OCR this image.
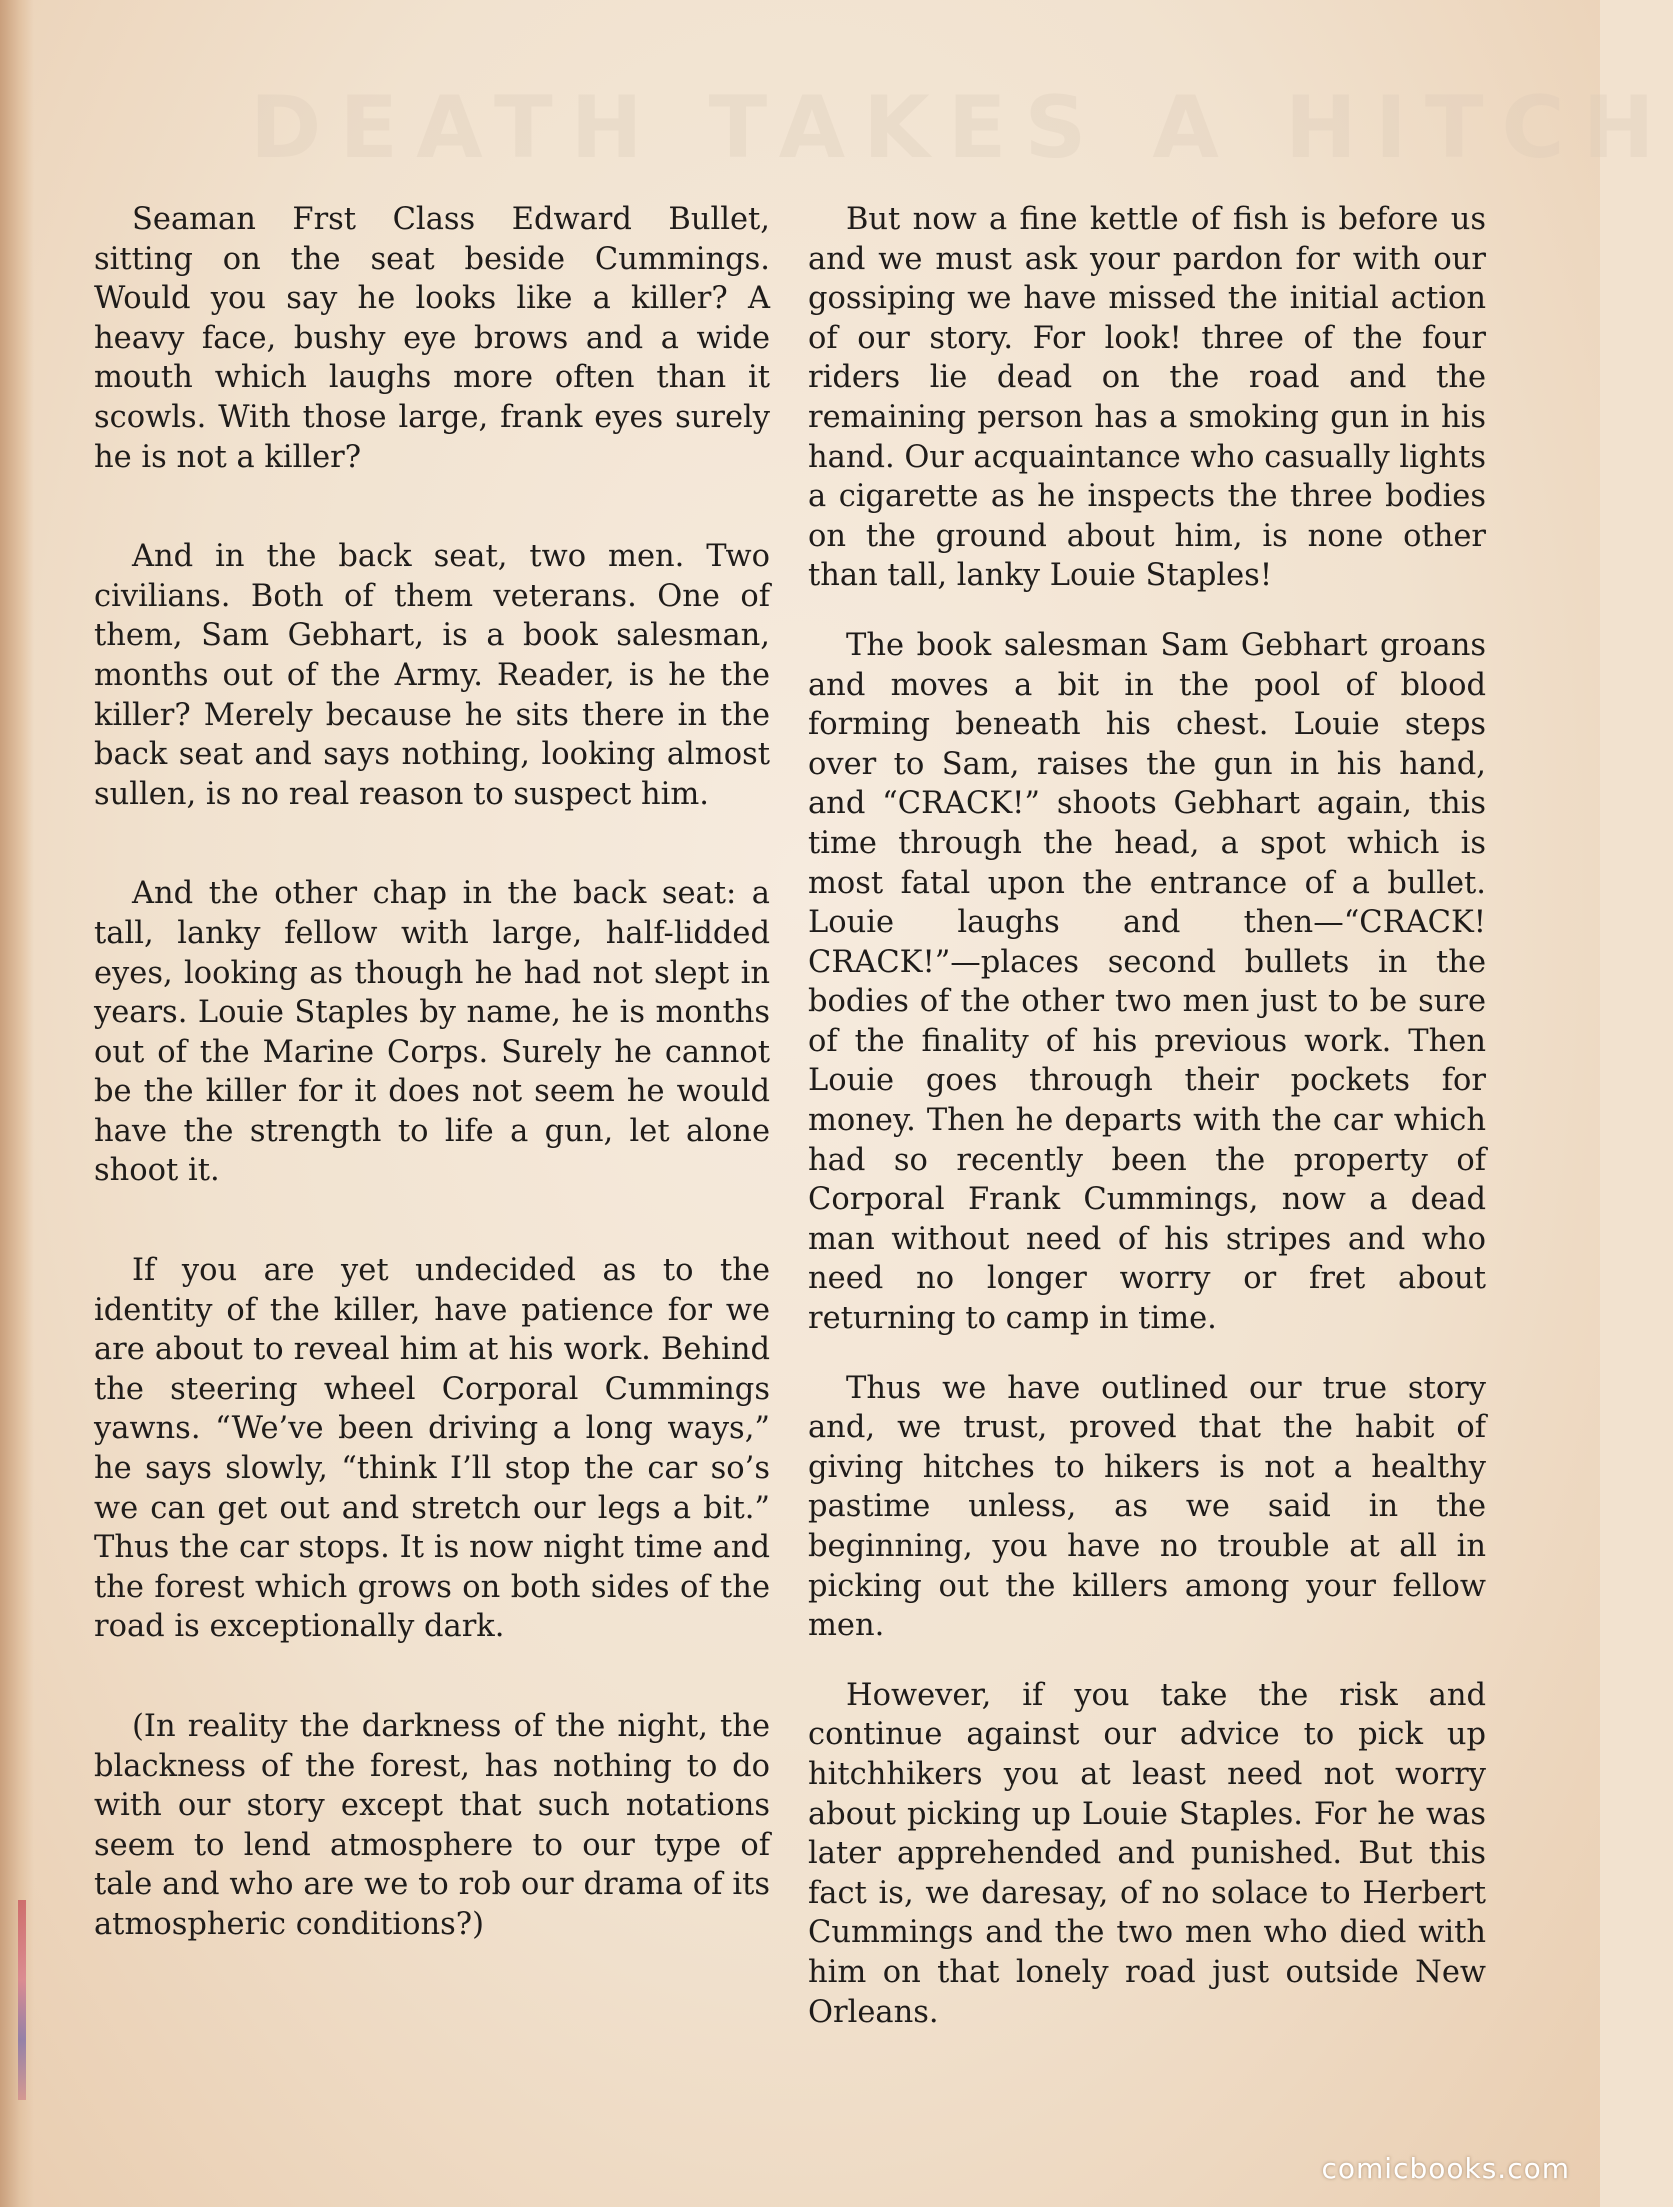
DEATH TAKES A HITCH

Seaman Frst Class Edward Bullet, sitting on the seat beside Cummings. Would you say he looks like a killer? A heavy face, bushy eye brows and a wide mouth which laughs more often than it scowls. With those large, frank eyes surely he is not a killer?

And in the back seat, two men. Two civilians. Both of them veterans. One of them, Sam Gebhart, is a book salesman, months out of the Army. Reader, is he the killer? Merely because he sits there in the back seat and says nothing, looking almost sullen, is no real reason to suspect him.

And the other chap in the back seat: a tall, lanky fellow with large, half-lidded eyes, looking as though he had not slept in years. Louie Staples by name, he is months out of the Marine Corps. Surely he cannot be the killer for it does not seem he would have the strength to life a gun, let alone shoot it.

If you are yet undecided as to the identity of the killer, have patience for we are about to reveal him at his work. Behind the steering wheel Corporal Cummings yawns. “We’ve been driving a long ways,” he says slowly, “think I’ll stop the car so’s we can get out and stretch our legs a bit.” Thus the car stops. It is now night time and the forest which grows on both sides of the road is exceptionally dark.

(In reality the darkness of the night, the blackness of the forest, has nothing to do with our story except that such notations seem to lend atmosphere to our type of tale and who are we to rob our drama of its atmospheric conditions?)

But now a fine kettle of fish is before us and we must ask your pardon for with our gossiping we have missed the initial action of our story. For look! three of the four riders lie dead on the road and the remaining person has a smoking gun in his hand. Our acquaintance who casually lights a cigarette as he inspects the three bodies on the ground about him, is none other than tall, lanky Louie Staples!

The book salesman Sam Gebhart groans and moves a bit in the pool of blood forming beneath his chest. Louie steps over to Sam, raises the gun in his hand, and “CRACK!” shoots Gebhart again, this time through the head, a spot which is most fatal upon the entrance of a bullet. Louie laughs and then—“CRACK! CRACK!”—places second bullets in the bodies of the other two men just to be sure of the finality of his previous work. Then Louie goes through their pockets for money. Then he departs with the car which had so recently been the property of Corporal Frank Cummings, now a dead man without need of his stripes and who need no longer worry or fret about returning to camp in time.

Thus we have outlined our true story and, we trust, proved that the habit of giving hitches to hikers is not a healthy pastime unless, as we said in the beginning, you have no trouble at all in picking out the killers among your fellow men.

However, if you take the risk and continue against our advice to pick up hitchhikers you at least need not worry about picking up Louie Staples. For he was later apprehended and punished. But this fact is, we daresay, of no solace to Herbert Cummings and the two men who died with him on that lonely road just outside New Orleans.

comicbooks.com
